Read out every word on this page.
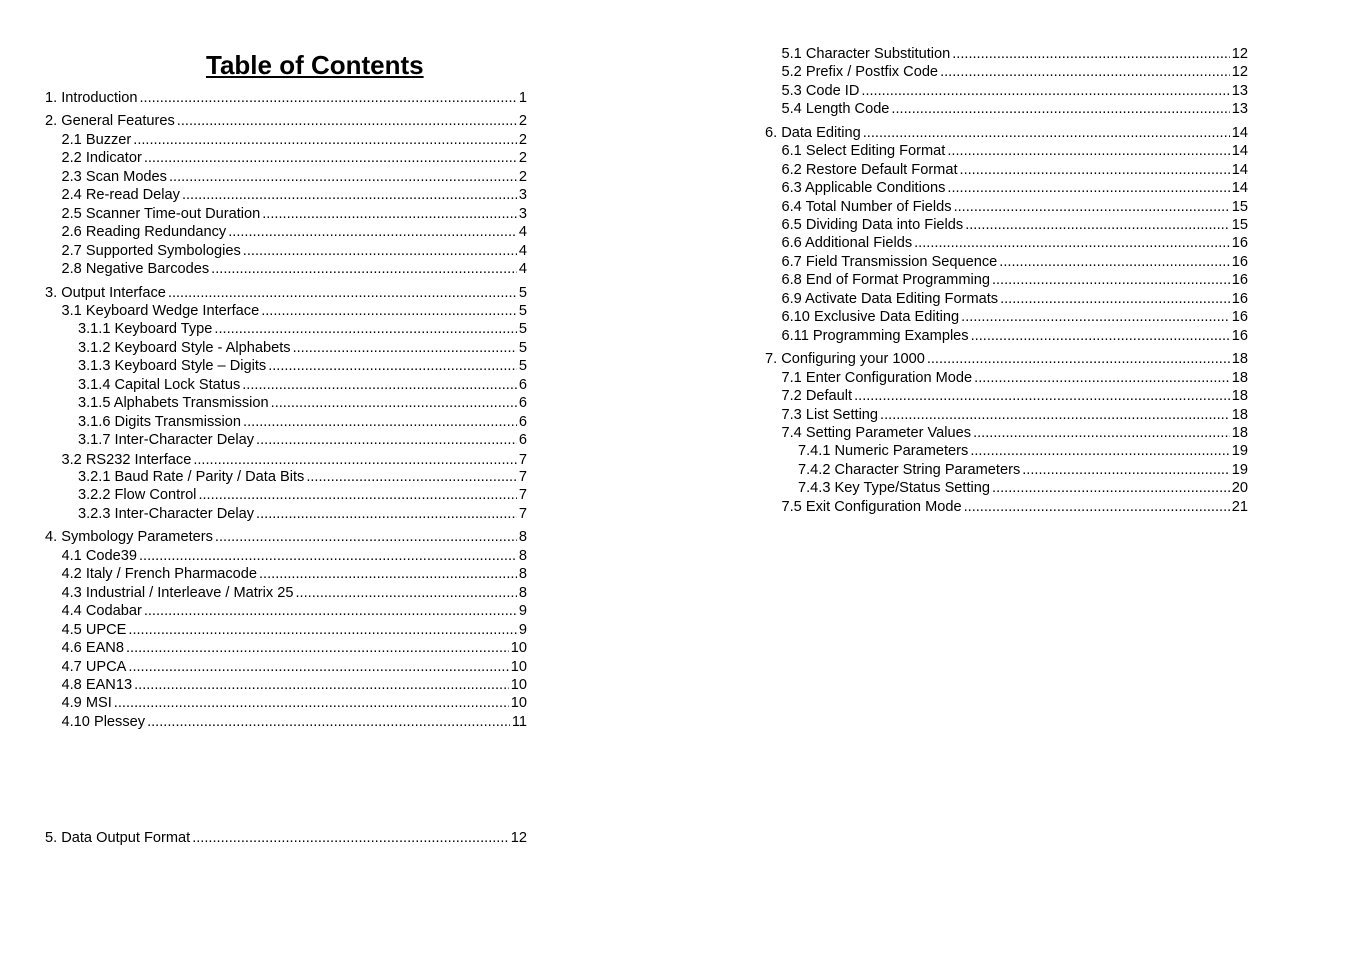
Table of Contents
1. Introduction .....	1
2. General Features .....	2
2.1 Buzzer .....	2
2.2 Indicator .....	2
2.3 Scan Modes .....	2
2.4 Re-read Delay .....	3
2.5 Scanner Time-out Duration .....	3
2.6 Reading Redundancy .....	4
2.7 Supported Symbologies .....	4
2.8 Negative Barcodes .....	4
3. Output Interface .....	5
3.1 Keyboard Wedge Interface .....	5
3.1.1 Keyboard Type .....	5
3.1.2 Keyboard Style - Alphabets .....	5
3.1.3 Keyboard Style – Digits .....	5
3.1.4 Capital Lock Status .....	6
3.1.5 Alphabets Transmission .....	6
3.1.6 Digits Transmission .....	6
3.1.7 Inter-Character Delay .....	6
3.2 RS232 Interface .....	7
3.2.1 Baud Rate / Parity / Data Bits .....	7
3.2.2 Flow Control .....	7
3.2.3 Inter-Character Delay .....	7
4. Symbology Parameters .....	8
4.1 Code39 .....	8
4.2 Italy / French Pharmacode .....	8
4.3 Industrial / Interleave / Matrix 25 .....	8
4.4 Codabar .....	9
4.5 UPCE .....	9
4.6 EAN8 .....	10
4.7 UPCA .....	10
4.8 EAN13 .....	10
4.9 MSI .....	10
4.10 Plessey .....	11
5. Data Output Format .....	12
5.1 Character Substitution .....	12
5.2 Prefix / Postfix Code .....	12
5.3 Code ID .....	13
5.4 Length Code .....	13
6. Data Editing .....	14
6.1 Select Editing Format .....	14
6.2 Restore Default Format .....	14
6.3 Applicable Conditions .....	14
6.4 Total Number of Fields .....	15
6.5 Dividing Data into Fields .....	15
6.6 Additional Fields .....	16
6.7 Field Transmission Sequence .....	16
6.8 End of Format Programming .....	16
6.9 Activate Data Editing Formats .....	16
6.10 Exclusive Data Editing .....	16
6.11 Programming Examples .....	16
7. Configuring your 1000 .....	18
7.1 Enter Configuration Mode .....	18
7.2 Default .....	18
7.3 List Setting .....	18
7.4 Setting Parameter Values .....	18
7.4.1 Numeric Parameters .....	19
7.4.2 Character String Parameters .....	19
7.4.3 Key Type/Status Setting .....	20
7.5 Exit Configuration Mode .....	21
